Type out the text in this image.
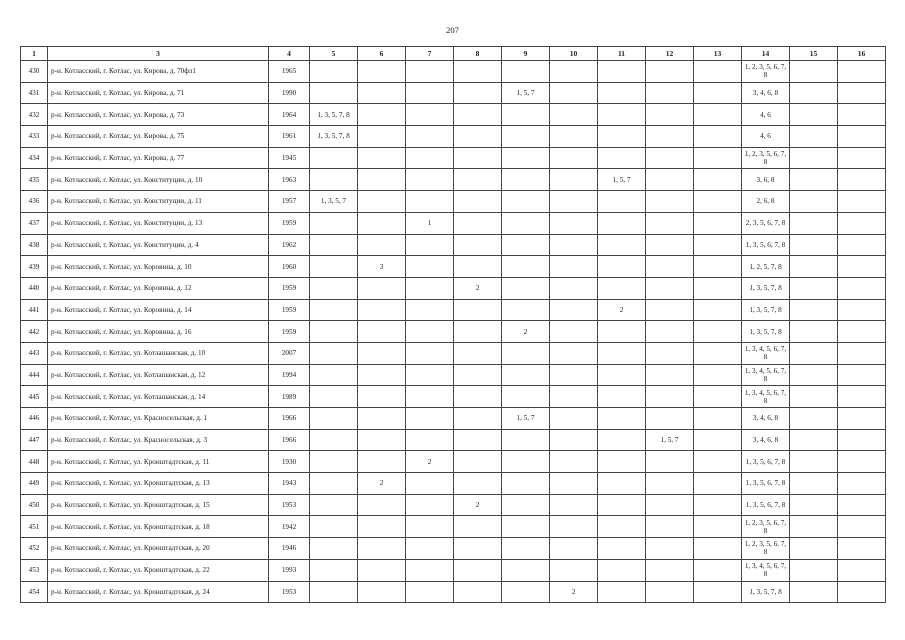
207
1	3	4	5	6	7	8	9	10	11	12	13	14	15	16
430	р-н. Котласский, г. Котлас, ул. Кирова, д. 70фл1	1965										1, 2, 3, 5, 6, 7, 8		
431	р-н. Котласский, г. Котлас, ул. Кирова, д. 71	1990					1, 5, 7					3, 4, 6, 8		
432	р-н. Котласский, г. Котлас, ул. Кирова, д. 73	1964	1, 3, 5, 7, 8									4, 6		
433	р-н. Котласский, г. Котлас, ул. Кирова, д. 75	1961	1, 3, 5, 7, 8									4, 6		
434	р-н. Котласский, г. Котлас, ул. Кирова, д. 77	1945										1, 2, 3, 5, 6, 7, 8		
435	р-н. Котласский, г. Котлас, ул. Конституции, д. 10	1963							1, 5, 7			3, 6, 8		
436	р-н. Котласский, г. Котлас, ул. Конституции, д. 11	1957	1, 3, 5, 7									2, 6, 8		
437	р-н. Котласский, г. Котлас, ул. Конституции, д. 13	1959			1							2, 3, 5, 6, 7, 8		
438	р-н. Котласский, г. Котлас, ул. Конституции, д. 4	1962										1, 3, 5, 6, 7, 8		
439	р-н. Котласский, г. Котлас, ул. Коровина, д. 10	1960		3								1, 2, 5, 7, 8		
440	р-н. Котласский, г. Котлас, ул. Коровина, д. 12	1959				2						1, 3, 5, 7, 8		
441	р-н. Котласский, г. Котлас, ул. Коровина, д. 14	1959							2			1, 3, 5, 7, 8		
442	р-н. Котласский, г. Котлас, ул. Коровина, д. 16	1959					2					1, 3, 5, 7, 8		
443	р-н. Котласский, г. Котлас, ул. Котлашанская, д. 10	2007										1, 3, 4, 5, 6, 7, 8		
444	р-н. Котласский, г. Котлас, ул. Котлашанская, д. 12	1994										1, 3, 4, 5, 6, 7, 8		
445	р-н. Котласский, г. Котлас, ул. Котлашанская, д. 14	1989										1, 3, 4, 5, 6, 7, 8		
446	р-н. Котласский, г. Котлас, ул. Красносельская, д. 1	1966					1, 5, 7					3, 4, 6, 8		
447	р-н. Котласский, г. Котлас, ул. Красносельская, д. 3	1966								1, 5, 7		3, 4, 6, 8		
448	р-н. Котласский, г. Котлас, ул. Кронштадтская, д. 11	1930			2							1, 3, 5, 6, 7, 8		
449	р-н. Котласский, г. Котлас, ул. Кронштадтская, д. 13	1943		2								1, 3, 5, 6, 7, 8		
450	р-н. Котласский, г. Котлас, ул. Кронштадтская, д. 15	1953				2						1, 3, 5, 6, 7, 8		
451	р-н. Котласский, г. Котлас, ул. Кронштадтская, д. 18	1942										1, 2, 3, 5, 6, 7, 8		
452	р-н. Котласский, г. Котлас, ул. Кронштадтская, д. 20	1946										1, 2, 3, 5, 6, 7, 8		
453	р-н. Котласский, г. Котлас, ул. Кронштадтская, д. 22	1993										1, 3, 4, 5, 6, 7, 8		
454	р-н. Котласский, г. Котлас, ул. Кронштадтская, д. 24	1953						2				1, 3, 5, 7, 8		
